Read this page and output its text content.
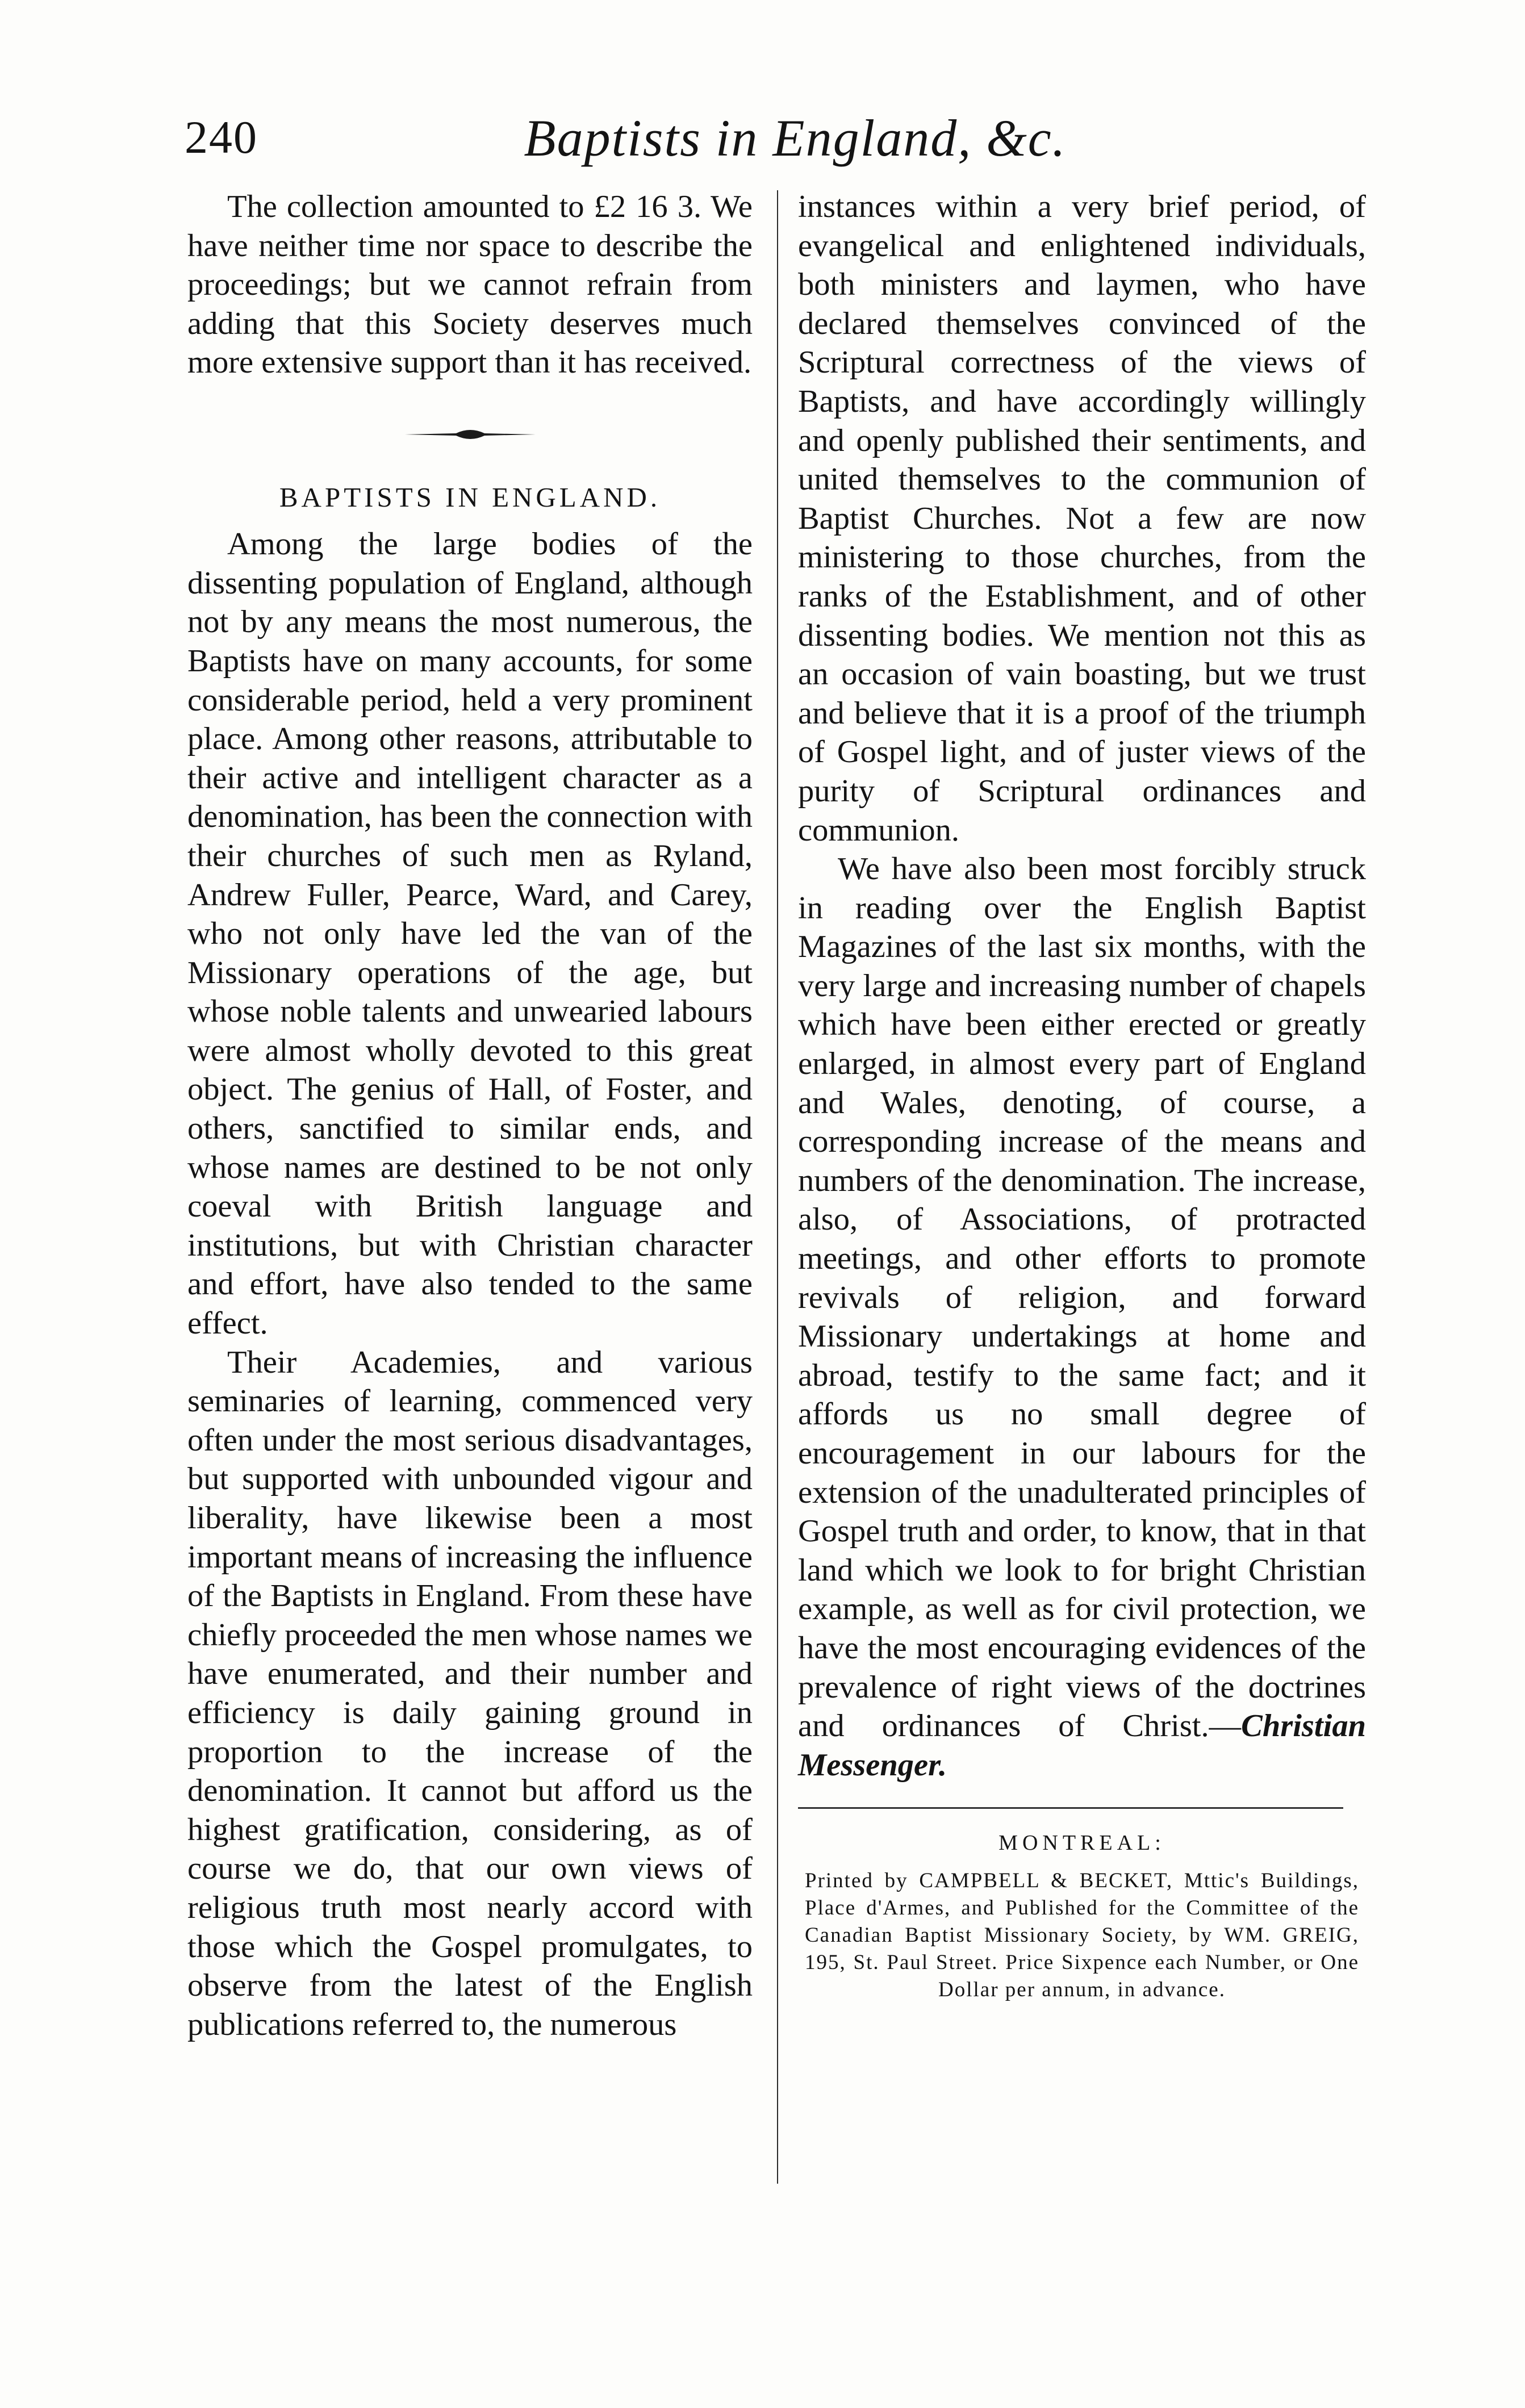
240	Baptists in England, &c.

The collection amounted to £2 16 3. We have neither time nor space to describe the proceedings; but we cannot refrain from adding that this Society deserves much more extensive support than it has received.

BAPTISTS IN ENGLAND.

Among the large bodies of the dissenting population of England, although not by any means the most numerous, the Baptists have on many accounts, for some considerable period, held a very prominent place. Among other reasons, attributable to their active and intelligent character as a denomination, has been the connection with their churches of such men as Ryland, Andrew Fuller, Pearce, Ward, and Carey, who not only have led the van of the Missionary operations of the age, but whose noble talents and unwearied labours were almost wholly devoted to this great object. The genius of Hall, of Foster, and others, sanctified to similar ends, and whose names are destined to be not only coeval with British language and institutions, but with Christian character and effort, have also tended to the same effect.

Their Academies, and various seminaries of learning, commenced very often under the most serious disadvantages, but supported with unbounded vigour and liberality, have likewise been a most important means of increasing the influence of the Baptists in England. From these have chiefly proceeded the men whose names we have enumerated, and their number and efficiency is daily gaining ground in proportion to the increase of the denomination. It cannot but afford us the highest gratification, considering, as of course we do, that our own views of religious truth most nearly accord with those which the Gospel promulgates, to observe from the latest of the English publications referred to, the numerous

instances within a very brief period, of evangelical and enlightened individuals, both ministers and laymen, who have declared themselves convinced of the Scriptural correctness of the views of Baptists, and have accordingly willingly and openly published their sentiments, and united themselves to the communion of Baptist Churches. Not a few are now ministering to those churches, from the ranks of the Establishment, and of other dissenting bodies. We mention not this as an occasion of vain boasting, but we trust and believe that it is a proof of the triumph of Gospel light, and of juster views of the purity of Scriptural ordinances and communion.

We have also been most forcibly struck in reading over the English Baptist Magazines of the last six months, with the very large and increasing number of chapels which have been either erected or greatly enlarged, in almost every part of England and Wales, denoting, of course, a corresponding increase of the means and numbers of the denomination. The increase, also, of Associations, of protracted meetings, and other efforts to promote revivals of religion, and forward Missionary undertakings at home and abroad, testify to the same fact; and it affords us no small degree of encouragement in our labours for the extension of the unadulterated principles of Gospel truth and order, to know, that in that land which we look to for bright Christian example, as well as for civil protection, we have the most encouraging evidences of the prevalence of right views of the doctrines and ordinances of Christ.—Christian Messenger.

MONTREAL:
Printed by CAMPBELL & BECKET, Mttic's Buildings, Place d'Armes, and Published for the Committee of the Canadian Baptist Missionary Society, by WM. GREIG, 195, St. Paul Street. Price Sixpence each Number, or One Dollar per annum, in advance.
